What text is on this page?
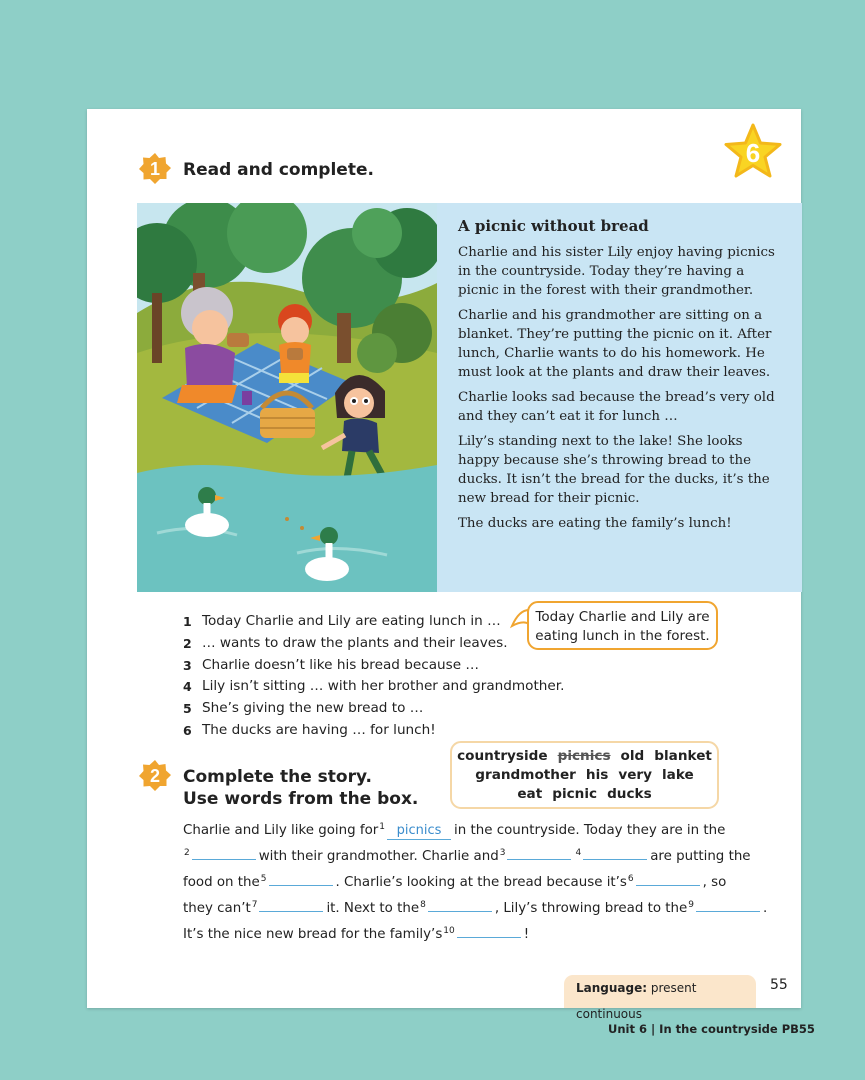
6
1	Read and complete.
A picnic without bread

Charlie and his sister Lily enjoy having picnics in the countryside. Today they’re having a picnic in the forest with their grandmother.

Charlie and his grandmother are sitting on a blanket. They’re putting the picnic on it. After lunch, Charlie wants to do his homework. He must look at the plants and draw their leaves.

Charlie looks sad because the bread’s very old and they can’t eat it for lunch …

Lily’s standing next to the lake! She looks happy because she’s throwing bread to the ducks. It isn’t the bread for the ducks, it’s the new bread for their picnic.

The ducks are eating the family’s lunch!

1 Today Charlie and Lily are eating lunch in …
2 … wants to draw the plants and their leaves.
3 Charlie doesn’t like his bread because …
4 Lily isn’t sitting … with her brother and grandmother.
5 She’s giving the new bread to …
6 The ducks are having … for lunch!
Today Charlie and Lily are
eating lunch in the forest.
2	Complete the story.
Use words from the box.
countryside picnics old blanket
grandmother his very lake
eat picnic ducks
Charlie and Lily like going for$^1$ picnics in the countryside. Today they are in the
$^2$	with their grandmother. Charlie and$^3$	$^4$	are putting the
food on the$^5$	. Charlie’s looking at the bread because $it’s^6$	, so
they $can’t^7$	it. Next to the$^8$	, Lily’s throwing bread to the$^9$	.
It’s the nice new bread for the $family’s^{10}$	!
Language: present continuous
55
Unit 6 | In the countryside PB55
